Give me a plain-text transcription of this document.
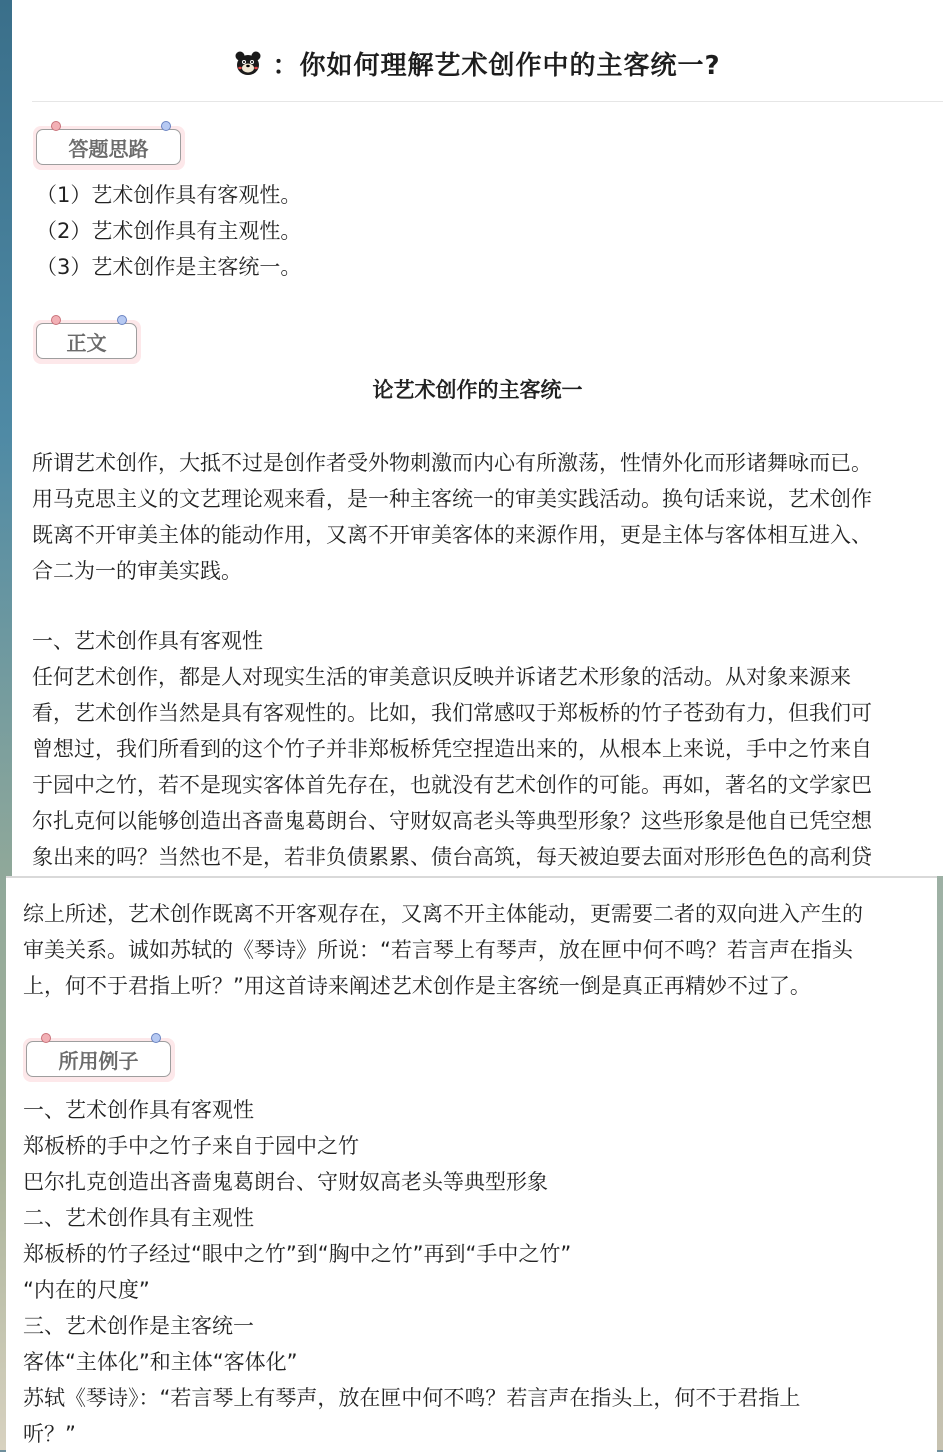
：你如何理解艺术创作中的主客统一?
答题思路
（1）艺术创作具有客观性。
（2）艺术创作具有主观性。
（3）艺术创作是主客统一。
正文
论艺术创作的主客统一
所谓艺术创作，大抵不过是创作者受外物刺激而内心有所激荡，性情外化而形诸舞咏而已。
用马克思主义的文艺理论观来看，是一种主客统一的审美实践活动。换句话来说，艺术创作
既离不开审美主体的能动作用，又离不开审美客体的来源作用，更是主体与客体相互进入、
合二为一的审美实践。
一、艺术创作具有客观性
任何艺术创作，都是人对现实生活的审美意识反映并诉诸艺术形象的活动。从对象来源来
看，艺术创作当然是具有客观性的。比如，我们常感叹于郑板桥的竹子苍劲有力，但我们可
曾想过，我们所看到的这个竹子并非郑板桥凭空捏造出来的，从根本上来说，手中之竹来自
于园中之竹，若不是现实客体首先存在，也就没有艺术创作的可能。再如，著名的文学家巴
尔扎克何以能够创造出吝啬鬼葛朗台、守财奴高老头等典型形象？这些形象是他自已凭空想
象出来的吗？当然也不是，若非负债累累、债台高筑，每天被迫要去面对形形色色的高利贷
综上所述，艺术创作既离不开客观存在，又离不开主体能动，更需要二者的双向进入产生的
审美关系。诚如苏轼的《琴诗》所说：“若言琴上有琴声，放在匣中何不鸣？若言声在指头
上，何不于君指上听？”用这首诗来阐述艺术创作是主客统一倒是真正再精妙不过了。
所用例子
一、艺术创作具有客观性
郑板桥的手中之竹子来自于园中之竹
巴尔扎克创造出吝啬鬼葛朗台、守财奴高老头等典型形象
二、艺术创作具有主观性
郑板桥的竹子经过“眼中之竹”到“胸中之竹”再到“手中之竹”
“内在的尺度”
三、艺术创作是主客统一
客体“主体化”和主体“客体化”
苏轼《琴诗》：“若言琴上有琴声，放在匣中何不鸣？若言声在指头上，何不于君指上
听？”
